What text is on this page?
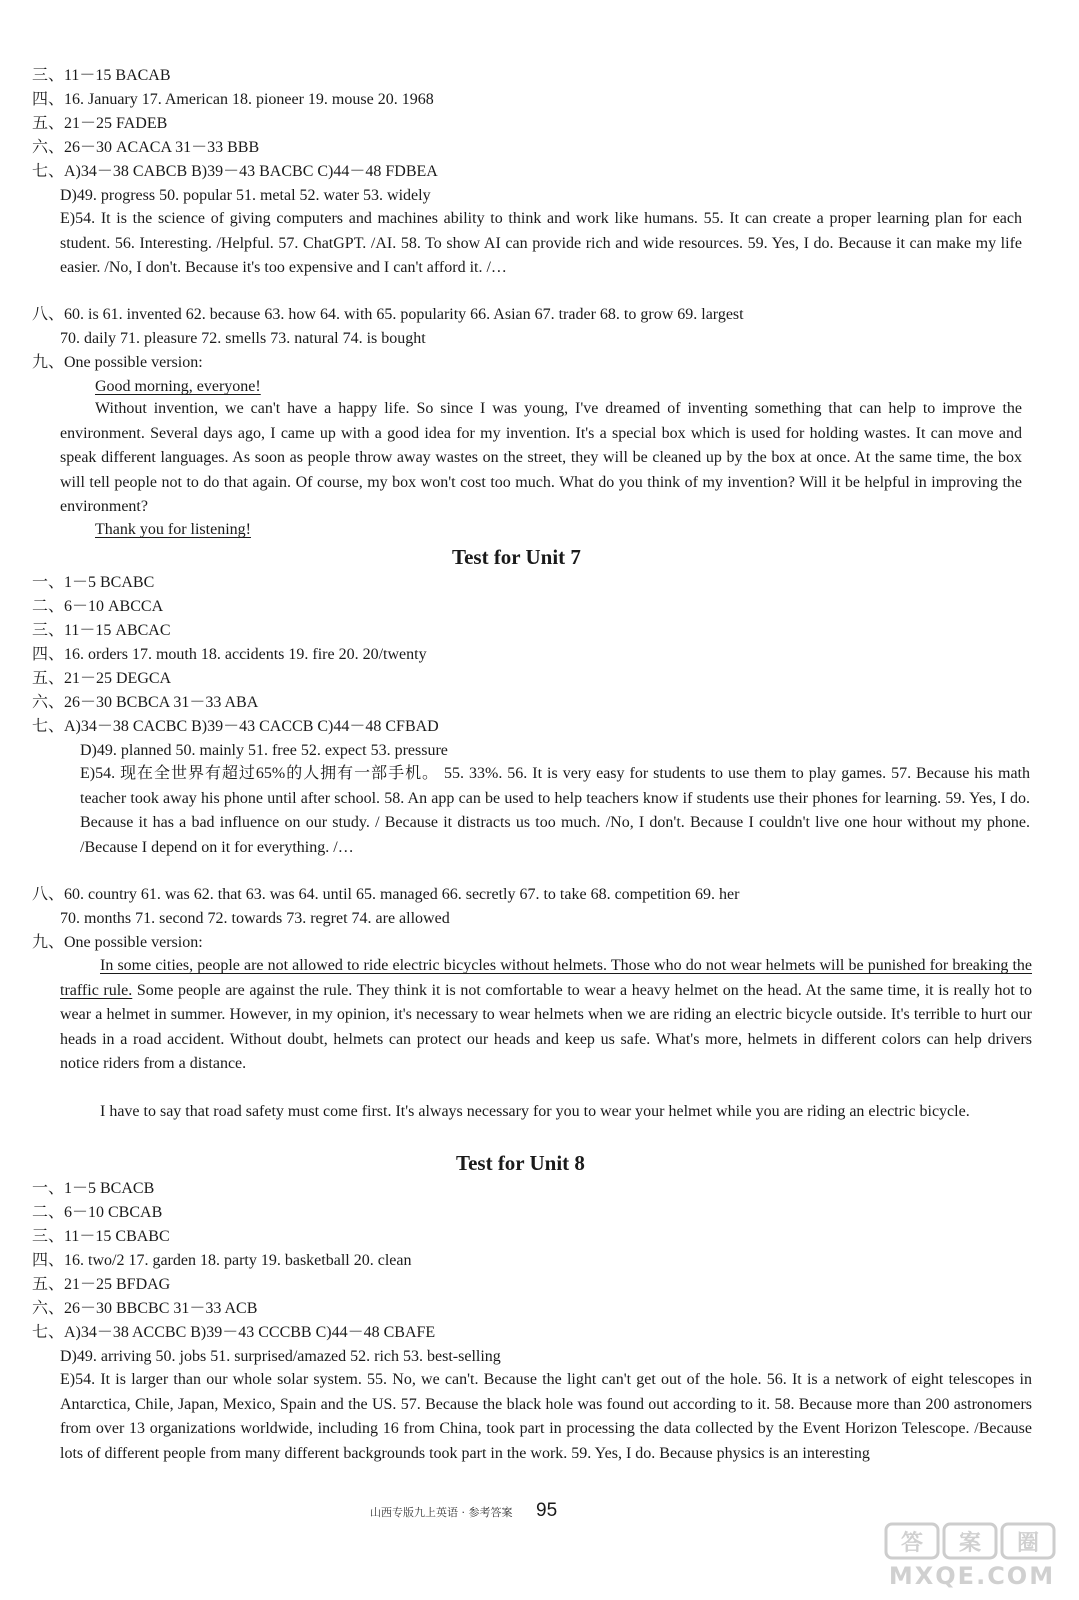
三、11－15 BACAB
四、16. January 17. American 18. pioneer 19. mouse 20. 1968
五、21－25 FADEB
六、26－30 ACACA 31－33 BBB
七、A)34－38 CABCB B)39－43 BACBC C)44－48 FDBEA
D)49. progress 50. popular 51. metal 52. water 53. widely
E)54. It is the science of giving computers and machines ability to think and work like humans. 55. It can create a proper learning plan for each student. 56. Interesting. /Helpful. 57. ChatGPT. /AI. 58. To show AI can provide rich and wide resources. 59. Yes, I do. Because it can make my life easier. /No, I don't. Because it's too expensive and I can't afford it. /…
八、60. is 61. invented 62. because 63. how 64. with 65. popularity 66. Asian 67. trader 68. to grow 69. largest
70. daily 71. pleasure 72. smells 73. natural 74. is bought
九、One possible version:
Good morning, everyone!
Without invention, we can't have a happy life. So since I was young, I've dreamed of inventing something that can help to improve the environment. Several days ago, I came up with a good idea for my invention. It's a special box which is used for holding wastes. It can move and speak different languages. As soon as people throw away wastes on the street, they will be cleaned up by the box at once. At the same time, the box will tell people not to do that again. Of course, my box won't cost too much. What do you think of my invention? Will it be helpful in improving the environment?
Thank you for listening!
Test for Unit 7
一、1－5 BCABC
二、6－10 ABCCA
三、11－15 ABCAC
四、16. orders 17. mouth 18. accidents 19. fire 20. 20/twenty
五、21－25 DEGCA
六、26－30 BCBCA 31－33 ABA
七、A)34－38 CACBC B)39－43 CACCB C)44－48 CFBAD
D)49. planned 50. mainly 51. free 52. expect 53. pressure
E)54. 现在全世界有超过65%的人拥有一部手机。 55. 33%. 56. It is very easy for students to use them to play games. 57. Because his math teacher took away his phone until after school. 58. An app can be used to help teachers know if students use their phones for learning. 59. Yes, I do. Because it has a bad influence on our study. / Because it distracts us too much. /No, I don't. Because I couldn't live one hour without my phone. /Because I depend on it for everything. /…
八、60. country 61. was 62. that 63. was 64. until 65. managed 66. secretly 67. to take 68. competition 69. her
70. months 71. second 72. towards 73. regret 74. are allowed
九、One possible version:
In some cities, people are not allowed to ride electric bicycles without helmets. Those who do not wear helmets will be punished for breaking the traffic rule. Some people are against the rule. They think it is not comfortable to wear a heavy helmet on the head. At the same time, it is really hot to wear a helmet in summer. However, in my opinion, it's necessary to wear helmets when we are riding an electric bicycle outside. It's terrible to hurt our heads in a road accident. Without doubt, helmets can protect our heads and keep us safe. What's more, helmets in different colors can help drivers notice riders from a distance.
I have to say that road safety must come first. It's always necessary for you to wear your helmet while you are riding an electric bicycle.
Test for Unit 8
一、1－5 BCACB
二、6－10 CBCAB
三、11－15 CBABC
四、16. two/2 17. garden 18. party 19. basketball 20. clean
五、21－25 BFDAG
六、26－30 BBCBC 31－33 ACB
七、A)34－38 ACCBC B)39－43 CCCBB C)44－48 CBAFE
D)49. arriving 50. jobs 51. surprised/amazed 52. rich 53. best-selling
E)54. It is larger than our whole solar system. 55. No, we can't. Because the light can't get out of the hole. 56. It is a network of eight telescopes in Antarctica, Chile, Japan, Mexico, Spain and the US. 57. Because the black hole was found out according to it. 58. Because more than 200 astronomers from over 13 organizations worldwide, including 16 from China, took part in processing the data collected by the Event Horizon Telescope. /Because lots of different people from many different backgrounds took part in the work. 59. Yes, I do. Because physics is an interesting
山西专版九上英语 · 参考答案 95
答 案 圈
MXQE.COM
